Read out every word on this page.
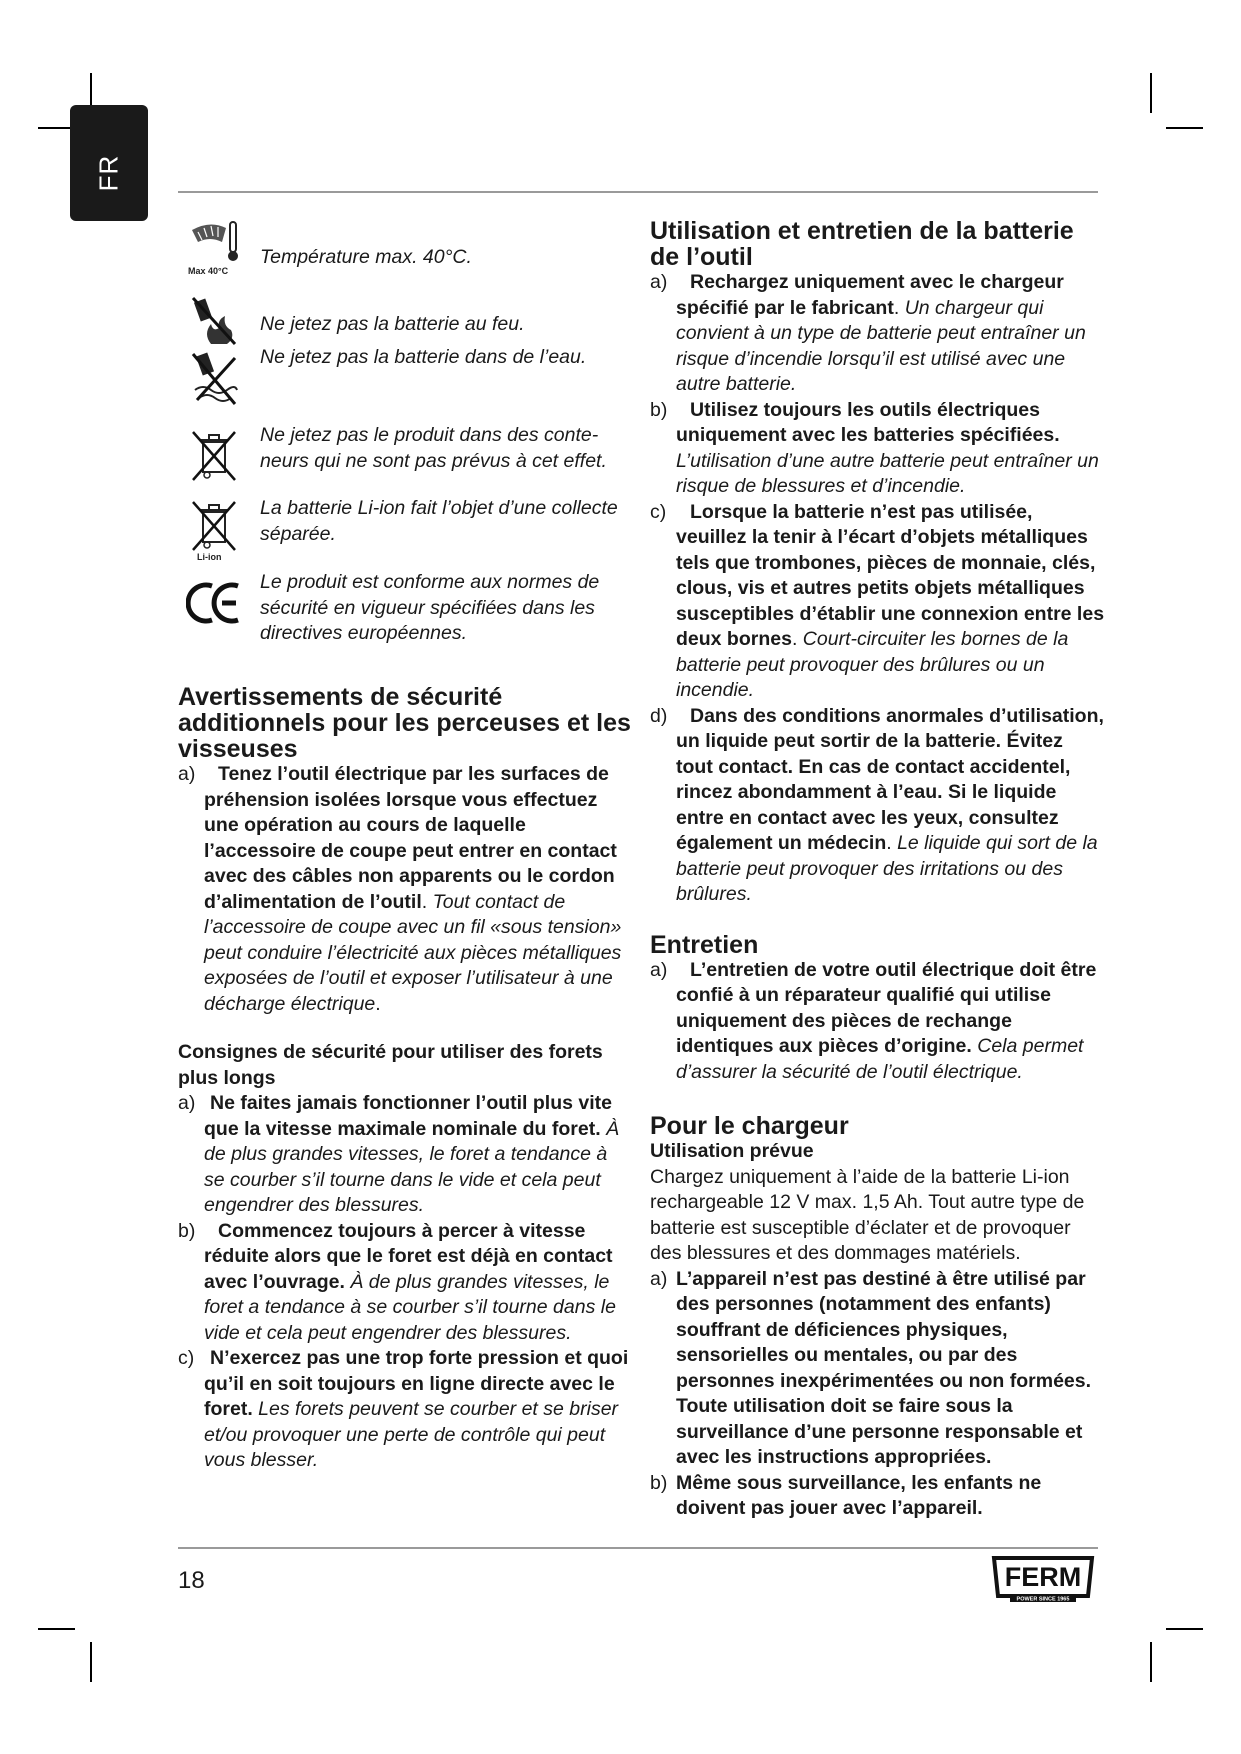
FR
Max 40°C
Température max. 40°C.
Ne jetez pas la batterie au feu.
Ne jetez pas la batterie dans de l’eau.
Ne jetez pas le produit dans des conte-neurs qui ne sont pas prévus à cet effet.
Li-ion
La batterie Li-ion fait l’objet d’une collecte séparée.
Le produit est conforme aux normes de sécurité en vigueur spécifiées dans les directives européennes.
Avertissements de sécurité additionnels pour les perceuses et les visseuses
a) Tenez l’outil électrique par les surfaces de préhension isolées lorsque vous effectuez une opération au cours de laquelle l’accessoire de coupe peut entrer en contact avec des câbles non apparents ou le cordon d’alimentation de l’outil. Tout contact de l’accessoire de coupe avec un fil «sous tension» peut conduire l’électricité aux pièces métalliques exposées de l’outil et exposer l’utilisateur à une décharge électrique.
Consignes de sécurité pour utiliser des forets plus longs
a) Ne faites jamais fonctionner l’outil plus vite que la vitesse maximale nominale du foret. À de plus grandes vitesses, le foret a tendance à se courber s’il tourne dans le vide et cela peut engendrer des blessures.
b) Commencez toujours à percer à vitesse réduite alors que le foret est déjà en contact avec l’ouvrage. À de plus grandes vitesses, le foret a tendance à se courber s’il tourne dans le vide et cela peut engendrer des blessures.
c) N’exercez pas une trop forte pression et quoi qu’il en soit toujours en ligne directe avec le foret. Les forets peuvent se courber et se briser et/ou provoquer une perte de contrôle qui peut vous blesser.
Utilisation et entretien de la batterie de l’outil
a) Rechargez uniquement avec le chargeur spécifié par le fabricant. Un chargeur qui convient à un type de batterie peut entraîner un risque d’incendie lorsqu’il est utilisé avec une autre batterie.
b) Utilisez toujours les outils électriques uniquement avec les batteries spécifiées. L’utilisation d’une autre batterie peut entraîner un risque de blessures et d’incendie.
c) Lorsque la batterie n’est pas utilisée, veuillez la tenir à l’écart d’objets métalliques tels que trombones, pièces de monnaie, clés, clous, vis et autres petits objets métalliques susceptibles d’établir une connexion entre les deux bornes. Court-circuiter les bornes de la batterie peut provoquer des brûlures ou un incendie.
d) Dans des conditions anormales d’utilisation, un liquide peut sortir de la batterie. Évitez tout contact. En cas de contact accidentel, rincez abondamment à l’eau. Si le liquide entre en contact avec les yeux, consultez également un médecin. Le liquide qui sort de la batterie peut provoquer des irritations ou des brûlures.
Entretien
a) L’entretien de votre outil électrique doit être confié à un réparateur qualifié qui utilise uniquement des pièces de rechange identiques aux pièces d’origine. Cela permet d’assurer la sécurité de l’outil électrique.
Pour le chargeur
Utilisation prévue
Chargez uniquement à l’aide de la batterie Li-ion rechargeable 12 V max. 1,5 Ah. Tout autre type de batterie est susceptible d’éclater et de provoquer des blessures et des dommages matériels.
a) L’appareil n’est pas destiné à être utilisé par des personnes (notamment des enfants) souffrant de déficiences physiques, sensorielles ou mentales, ou par des personnes inexpérimentées ou non formées. Toute utilisation doit se faire sous la surveillance d’une personne responsable et avec les instructions appropriées.
b) Même sous surveillance, les enfants ne doivent pas jouer avec l’appareil.
18	FERM
POWER SINCE 1965
